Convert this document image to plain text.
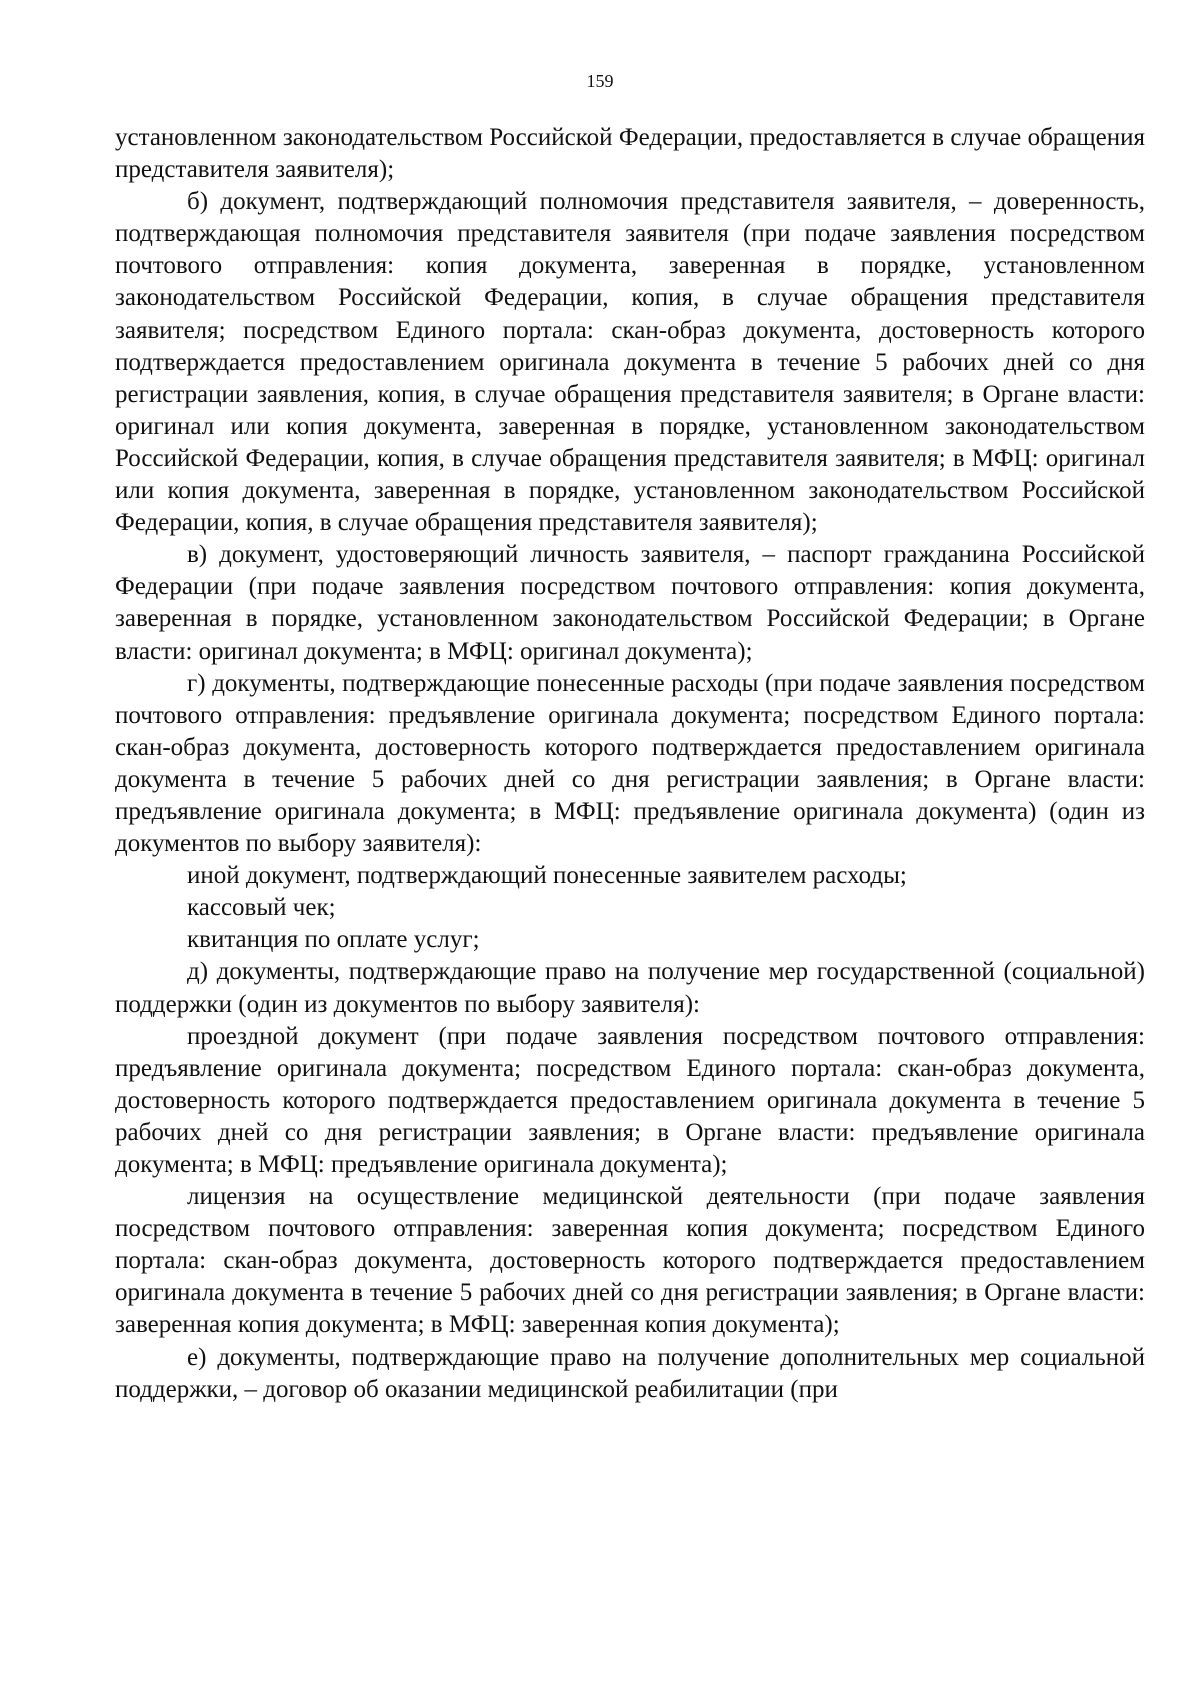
159

установленном законодательством Российской Федерации, предоставляется в случае обращения представителя заявителя);

б) документ, подтверждающий полномочия представителя заявителя, – доверенность, подтверждающая полномочия представителя заявителя (при подаче заявления посредством почтового отправления: копия документа, заверенная в порядке, установленном законодательством Российской Федерации, копия, в случае обращения представителя заявителя; посредством Единого портала: скан-образ документа, достоверность которого подтверждается предоставлением оригинала документа в течение 5 рабочих дней со дня регистрации заявления, копия, в случае обращения представителя заявителя; в Органе власти: оригинал или копия документа, заверенная в порядке, установленном законодательством Российской Федерации, копия, в случае обращения представителя заявителя; в МФЦ: оригинал или копия документа, заверенная в порядке, установленном законодательством Российской Федерации, копия, в случае обращения представителя заявителя);

в) документ, удостоверяющий личность заявителя, – паспорт гражданина Российской Федерации (при подаче заявления посредством почтового отправления: копия документа, заверенная в порядке, установленном законодательством Российской Федерации; в Органе власти: оригинал документа; в МФЦ: оригинал документа);

г) документы, подтверждающие понесенные расходы (при подаче заявления посредством почтового отправления: предъявление оригинала документа; посредством Единого портала: скан-образ документа, достоверность которого подтверждается предоставлением оригинала документа в течение 5 рабочих дней со дня регистрации заявления; в Органе власти: предъявление оригинала документа; в МФЦ: предъявление оригинала документа) (один из документов по выбору заявителя):

иной документ, подтверждающий понесенные заявителем расходы;

кассовый чек;

квитанция по оплате услуг;

д) документы, подтверждающие право на получение мер государственной (социальной) поддержки (один из документов по выбору заявителя):

проездной документ (при подаче заявления посредством почтового отправления: предъявление оригинала документа; посредством Единого портала: скан-образ документа, достоверность которого подтверждается предоставлением оригинала документа в течение 5 рабочих дней со дня регистрации заявления; в Органе власти: предъявление оригинала документа; в МФЦ: предъявление оригинала документа);

лицензия на осуществление медицинской деятельности (при подаче заявления посредством почтового отправления: заверенная копия документа; посредством Единого портала: скан-образ документа, достоверность которого подтверждается предоставлением оригинала документа в течение 5 рабочих дней со дня регистрации заявления; в Органе власти: заверенная копия документа; в МФЦ: заверенная копия документа);

е) документы, подтверждающие право на получение дополнительных мер социальной поддержки, – договор об оказании медицинской реабилитации (при
